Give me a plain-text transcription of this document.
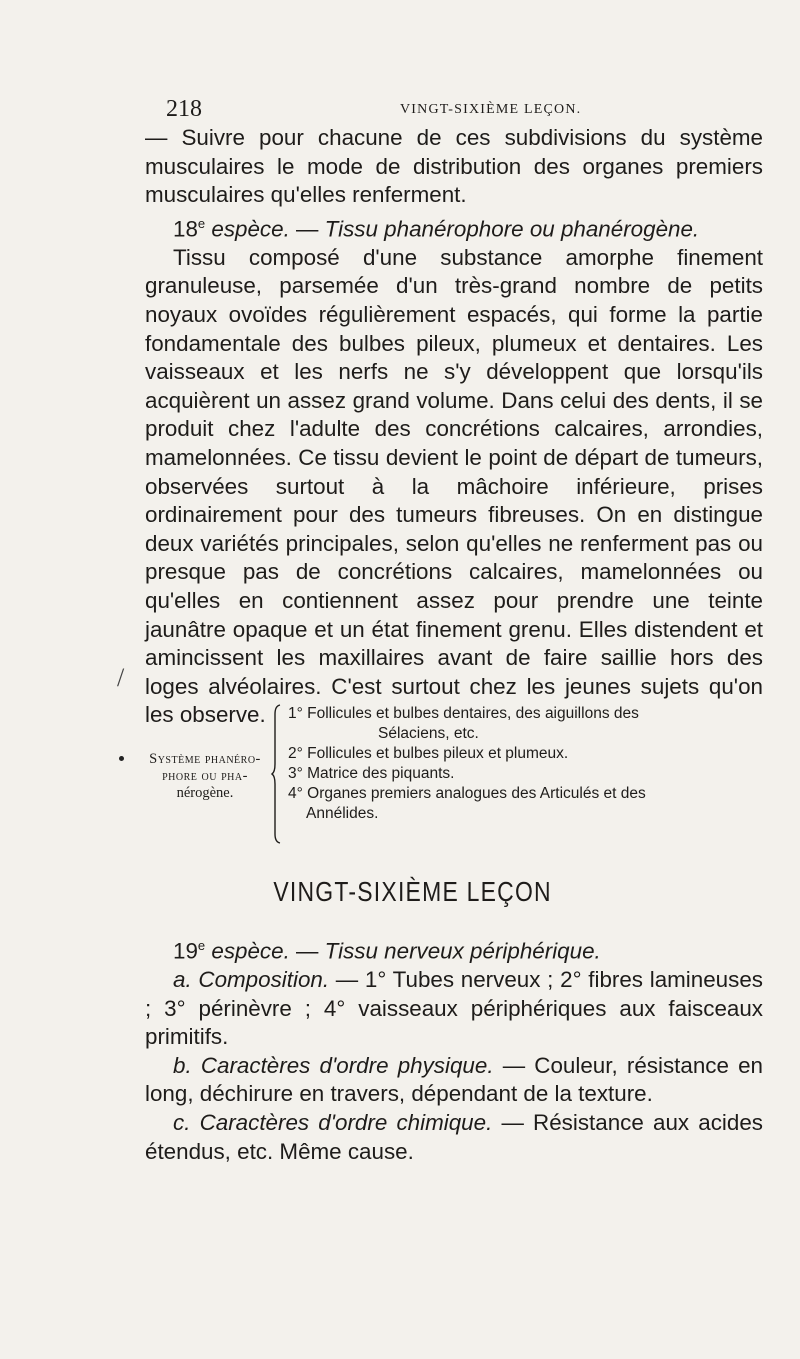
218	VINGT-SIXIÈME LEÇON.

— Suivre pour chacune de ces subdivisions du système musculaires le mode de distribution des organes premiers musculaires qu'elles renferment.

18e espèce. — Tissu phanérophore ou phanérogène.

Tissu composé d'une substance amorphe finement granuleuse, parsemée d'un très-grand nombre de petits noyaux ovoïdes régulièrement espacés, qui forme la partie fondamentale des bulbes pileux, plumeux et dentaires. Les vaisseaux et les nerfs ne s'y développent que lorsqu'ils acquièrent un assez grand volume. Dans celui des dents, il se produit chez l'adulte des concrétions calcaires, arrondies, mamelonnées. Ce tissu devient le point de départ de tumeurs, observées surtout à la mâchoire inférieure, prises ordinairement pour des tumeurs fibreuses. On en distingue deux variétés principales, selon qu'elles ne renferment pas ou presque pas de concrétions calcaires, mamelonnées ou qu'elles en contiennent assez pour prendre une teinte jaunâtre opaque et un état finement grenu. Elles distendent et amincissent les maxillaires avant de faire saillie hors des loges alvéolaires. C'est surtout chez les jeunes sujets qu'on les observe.

/
Système phanéro-
phore ou pha-
nérogène.
1° Follicules et bulbes dentaires, des aiguillons des
Sélaciens, etc.
2° Follicules et bulbes pileux et plumeux.
3° Matrice des piquants.
4° Organes premiers analogues des Articulés et des
Annélides.
VINGT-SIXIÈME LEÇON

19e espèce. — Tissu nerveux périphérique.

a. Composition. — 1° Tubes nerveux ; 2° fibres lamineuses ; 3° périnèvre ; 4° vaisseaux périphériques aux faisceaux primitifs.

b. Caractères d'ordre physique. — Couleur, résistance en long, déchirure en travers, dépendant de la texture.

c. Caractères d'ordre chimique. — Résistance aux acides étendus, etc. Même cause.
